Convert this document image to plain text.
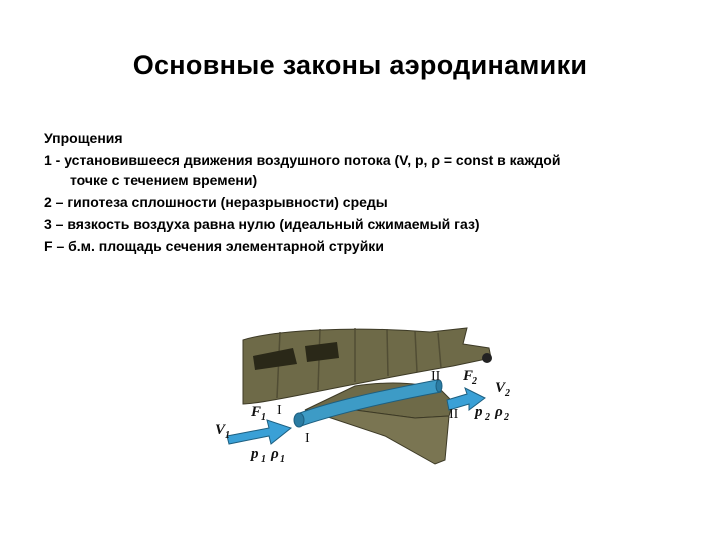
Основные законы аэродинамики
Упрощения
1 - установившееся движения воздушного потока (V, p, ρ = const в каждой
точке с течением времени)
2 – гипотеза сплошности (неразрывности) среды
3 – вязкость воздуха равна нулю (идеальный сжимаемый газ)
F – б.м. площадь сечения элементарной струйки
F 1 I
I
V 1
p 1 ρ 1
II F
2 V 2
II p 2 ρ 2
